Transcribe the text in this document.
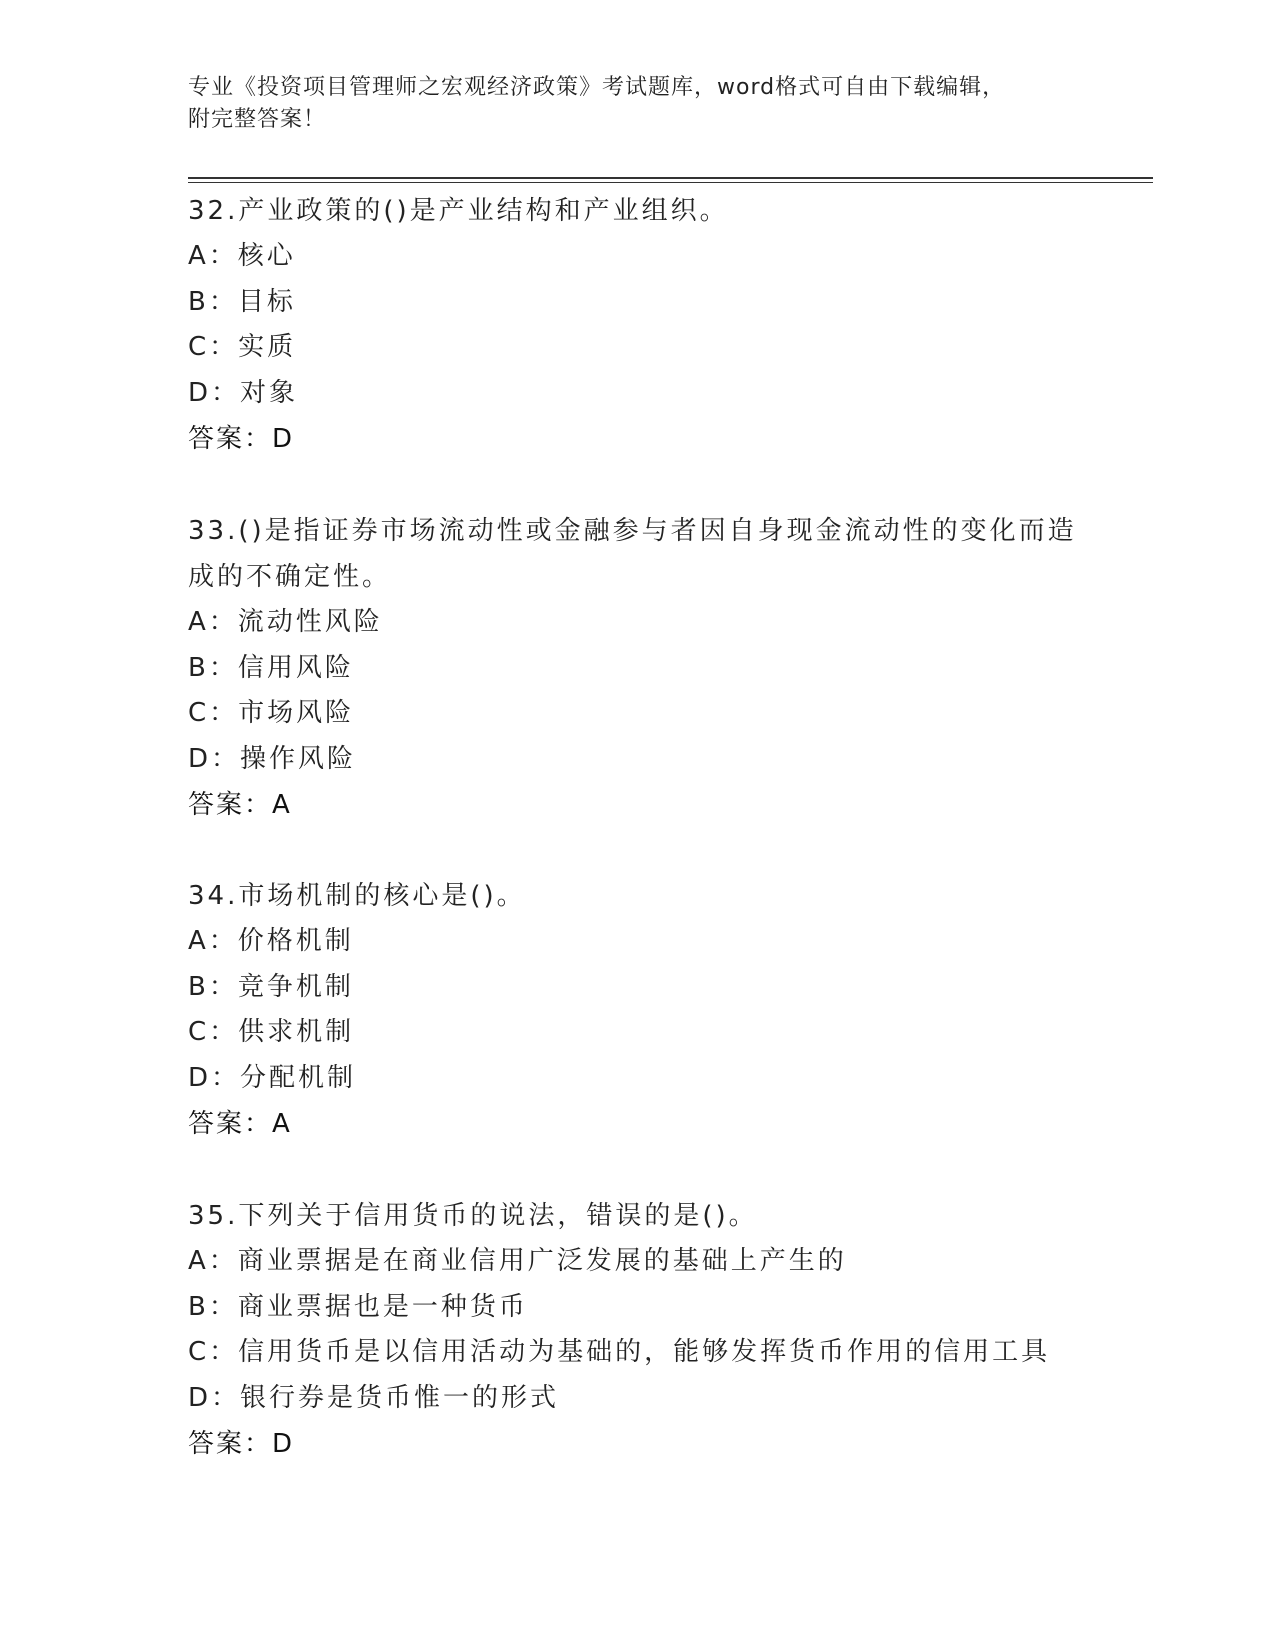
专业《投资项目管理师之宏观经济政策》考试题库，word格式可自由下载编辑，
附完整答案！
32.产业政策的()是产业结构和产业组织。
A：核心
B：目标
C：实质
D：对象
答案：D
33.()是指证券市场流动性或金融参与者因自身现金流动性的变化而造成的不确定性。
A：流动性风险
B：信用风险
C：市场风险
D：操作风险
答案：A
34.市场机制的核心是()。
A：价格机制
B：竞争机制
C：供求机制
D：分配机制
答案：A
35.下列关于信用货币的说法，错误的是()。
A：商业票据是在商业信用广泛发展的基础上产生的
B：商业票据也是一种货币
C：信用货币是以信用活动为基础的，能够发挥货币作用的信用工具
D：银行券是货币惟一的形式
答案：D
